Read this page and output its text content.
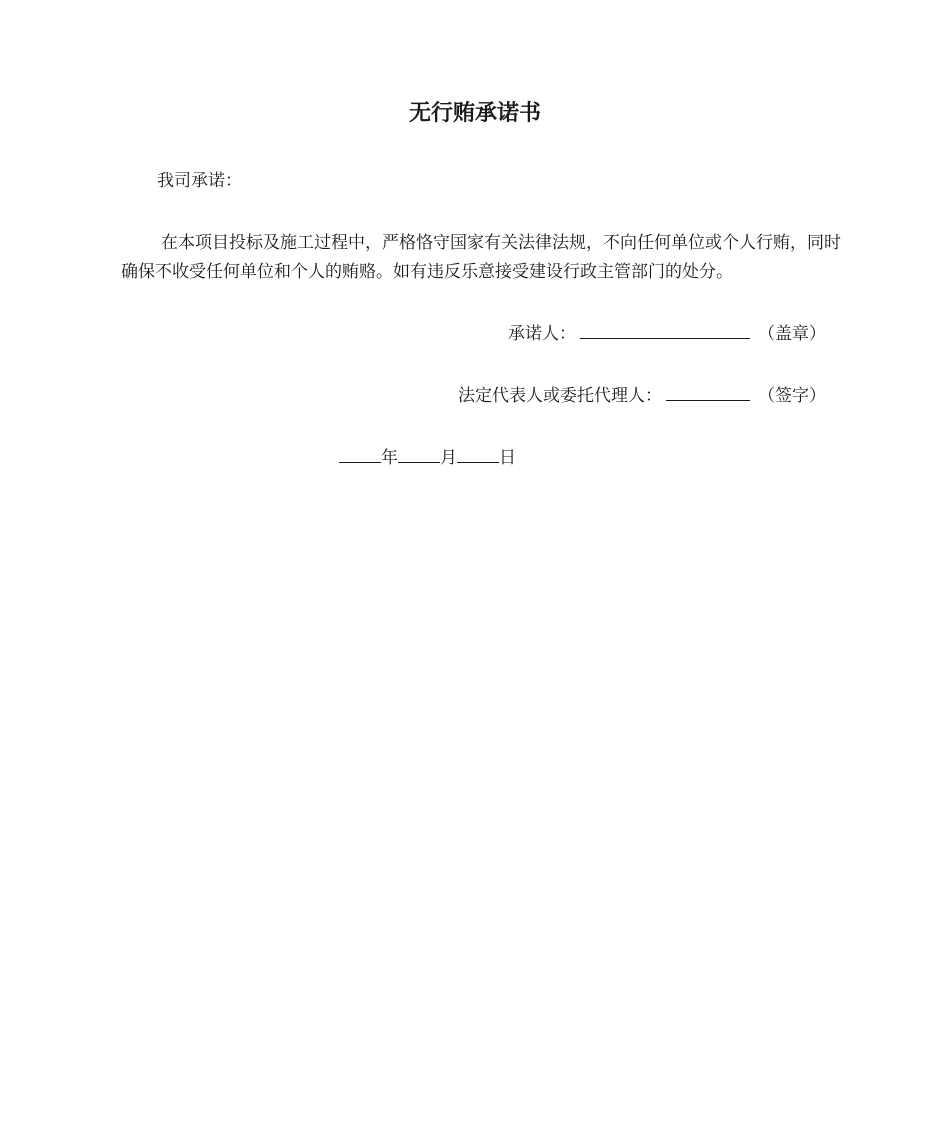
无行贿承诺书
我司承诺：
在本项目投标及施工过程中，严格恪守国家有关法律法规，不向任何单位或个人行贿，同时确保不收受任何单位和个人的贿赂。如有违反乐意接受建设行政主管部门的处分。
承诺人：	（盖章）
法定代表人或委托代理人：	（签字）
年 月 日
